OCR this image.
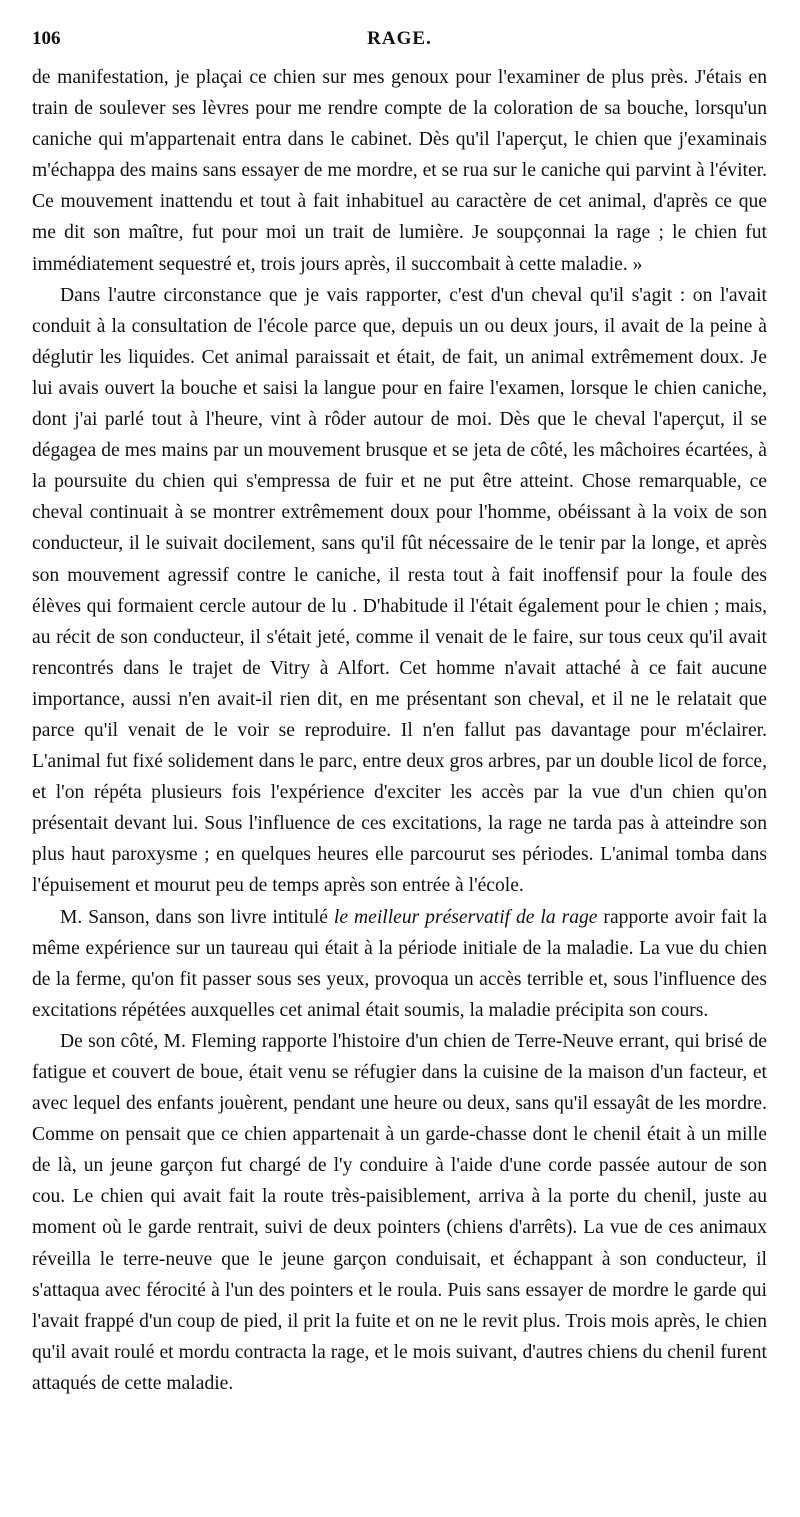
106	RAGE.

de manifestation, je plaçai ce chien sur mes genoux pour l'examiner de plus près. J'étais en train de soulever ses lèvres pour me rendre compte de la coloration de sa bouche, lorsqu'un caniche qui m'appartenait entra dans le cabinet. Dès qu'il l'aperçut, le chien que j'examinais m'échappa des mains sans essayer de me mordre, et se rua sur le caniche qui parvint à l'éviter. Ce mouvement inattendu et tout à fait inhabituel au caractère de cet animal, d'après ce que me dit son maître, fut pour moi un trait de lumière. Je soupçonnai la rage ; le chien fut immédiatement sequestré et, trois jours après, il succombait à cette maladie. »

Dans l'autre circonstance que je vais rapporter, c'est d'un cheval qu'il s'agit : on l'avait conduit à la consultation de l'école parce que, depuis un ou deux jours, il avait de la peine à déglutir les liquides. Cet animal paraissait et était, de fait, un animal extrêmement doux. Je lui avais ouvert la bouche et saisi la langue pour en faire l'examen, lorsque le chien caniche, dont j'ai parlé tout à l'heure, vint à rôder autour de moi. Dès que le cheval l'aperçut, il se dégagea de mes mains par un mouvement brusque et se jeta de côté, les mâchoires écartées, à la poursuite du chien qui s'empressa de fuir et ne put être atteint. Chose remarquable, ce cheval continuait à se montrer extrêmement doux pour l'homme, obéissant à la voix de son conducteur, il le suivait docilement, sans qu'il fût nécessaire de le tenir par la longe, et après son mouvement agressif contre le caniche, il resta tout à fait inoffensif pour la foule des élèves qui formaient cercle autour de lu . D'habitude il l'était également pour le chien ; mais, au récit de son conducteur, il s'était jeté, comme il venait de le faire, sur tous ceux qu'il avait rencontrés dans le trajet de Vitry à Alfort. Cet homme n'avait attaché à ce fait aucune importance, aussi n'en avait-il rien dit, en me présentant son cheval, et il ne le relatait que parce qu'il venait de le voir se reproduire. Il n'en fallut pas davantage pour m'éclairer. L'animal fut fixé solidement dans le parc, entre deux gros arbres, par un double licol de force, et l'on répéta plusieurs fois l'expérience d'exciter les accès par la vue d'un chien qu'on présentait devant lui. Sous l'influence de ces excitations, la rage ne tarda pas à atteindre son plus haut paroxysme ; en quelques heures elle parcourut ses périodes. L'animal tomba dans l'épuisement et mourut peu de temps après son entrée à l'école.

M. Sanson, dans son livre intitulé le meilleur préservatif de la rage rapporte avoir fait la même expérience sur un taureau qui était à la période initiale de la maladie. La vue du chien de la ferme, qu'on fit passer sous ses yeux, provoqua un accès terrible et, sous l'influence des excitations répétées auxquelles cet animal était soumis, la maladie précipita son cours.

De son côté, M. Fleming rapporte l'histoire d'un chien de Terre-Neuve errant, qui brisé de fatigue et couvert de boue, était venu se réfugier dans la cuisine de la maison d'un facteur, et avec lequel des enfants jouèrent, pendant une heure ou deux, sans qu'il essayât de les mordre. Comme on pensait que ce chien appartenait à un garde-chasse dont le chenil était à un mille de là, un jeune garçon fut chargé de l'y conduire à l'aide d'une corde passée autour de son cou. Le chien qui avait fait la route très-paisiblement, arriva à la porte du chenil, juste au moment où le garde rentrait, suivi de deux pointers (chiens d'arrêts). La vue de ces animaux réveilla le terre-neuve que le jeune garçon conduisait, et échappant à son conducteur, il s'attaqua avec férocité à l'un des pointers et le roula. Puis sans essayer de mordre le garde qui l'avait frappé d'un coup de pied, il prit la fuite et on ne le revit plus. Trois mois après, le chien qu'il avait roulé et mordu contracta la rage, et le mois suivant, d'autres chiens du chenil furent attaqués de cette maladie.
